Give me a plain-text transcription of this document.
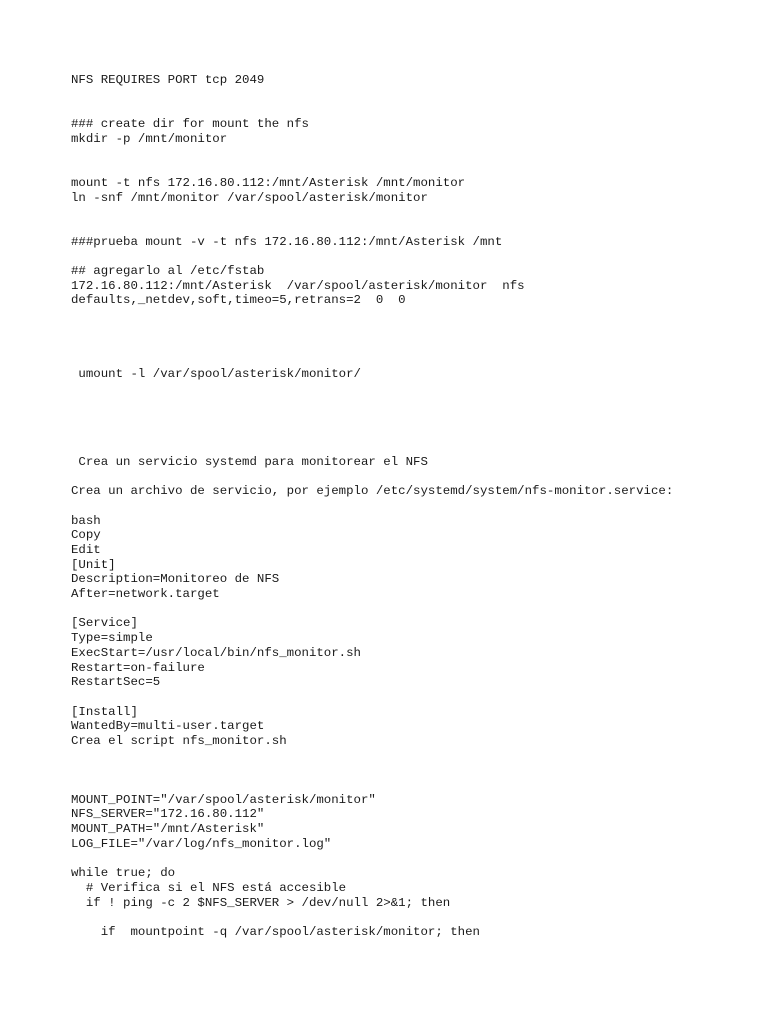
NFS REQUIRES PORT tcp 2049
### create dir for mount the nfs
mkdir -p /mnt/monitor
mount -t nfs 172.16.80.112:/mnt/Asterisk /mnt/monitor
ln -snf /mnt/monitor /var/spool/asterisk/monitor
###prueba mount -v -t nfs 172.16.80.112:/mnt/Asterisk /mnt
## agregarlo al /etc/fstab
172.16.80.112:/mnt/Asterisk  /var/spool/asterisk/monitor  nfs
defaults,_netdev,soft,timeo=5,retrans=2  0  0
umount -l /var/spool/asterisk/monitor/
Crea un servicio systemd para monitorear el NFS
Crea un archivo de servicio, por ejemplo /etc/systemd/system/nfs-monitor.service:
bash
Copy
Edit
[Unit]
Description=Monitoreo de NFS
After=network.target
[Service]
Type=simple
ExecStart=/usr/local/bin/nfs_monitor.sh
Restart=on-failure
RestartSec=5
[Install]
WantedBy=multi-user.target
Crea el script nfs_monitor.sh
MOUNT_POINT="/var/spool/asterisk/monitor"
NFS_SERVER="172.16.80.112"
MOUNT_PATH="/mnt/Asterisk"
LOG_FILE="/var/log/nfs_monitor.log"
while true; do
# Verifica si el NFS está accesible
if ! ping -c 2 $NFS_SERVER > /dev/null 2>&1; then
if  mountpoint -q /var/spool/asterisk/monitor; then
